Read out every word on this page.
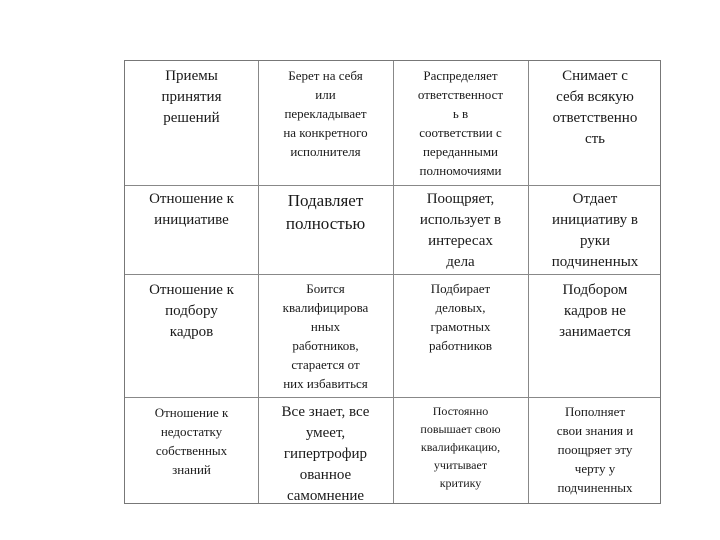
Приемы
принятия
решений
Берет на себя
или
перекладывает
на конкретного
исполнителя
Распределяет
ответственност
ь в
соответствии с
переданными
полномочиями
Снимает с
себя всякую
ответственно
сть
Отношение к
инициативе
Подавляет
полностью
Поощряет,
использует в
интересах
дела
Отдает
инициативу в
руки
подчиненных
Отношение к
подбору
кадров
Боится
квалифицирова
нных
работников,
старается от
них избавиться
Подбирает
деловых,
грамотных
работников
Подбором
кадров не
занимается
Отношение к
недостатку
собственных
знаний
Все знает, все
умеет,
гипертрофир
ованное
самомнение
Постоянно
повышает свою
квалификацию,
учитывает
критику
Пополняет
свои знания и
поощряет эту
черту у
подчиненных
